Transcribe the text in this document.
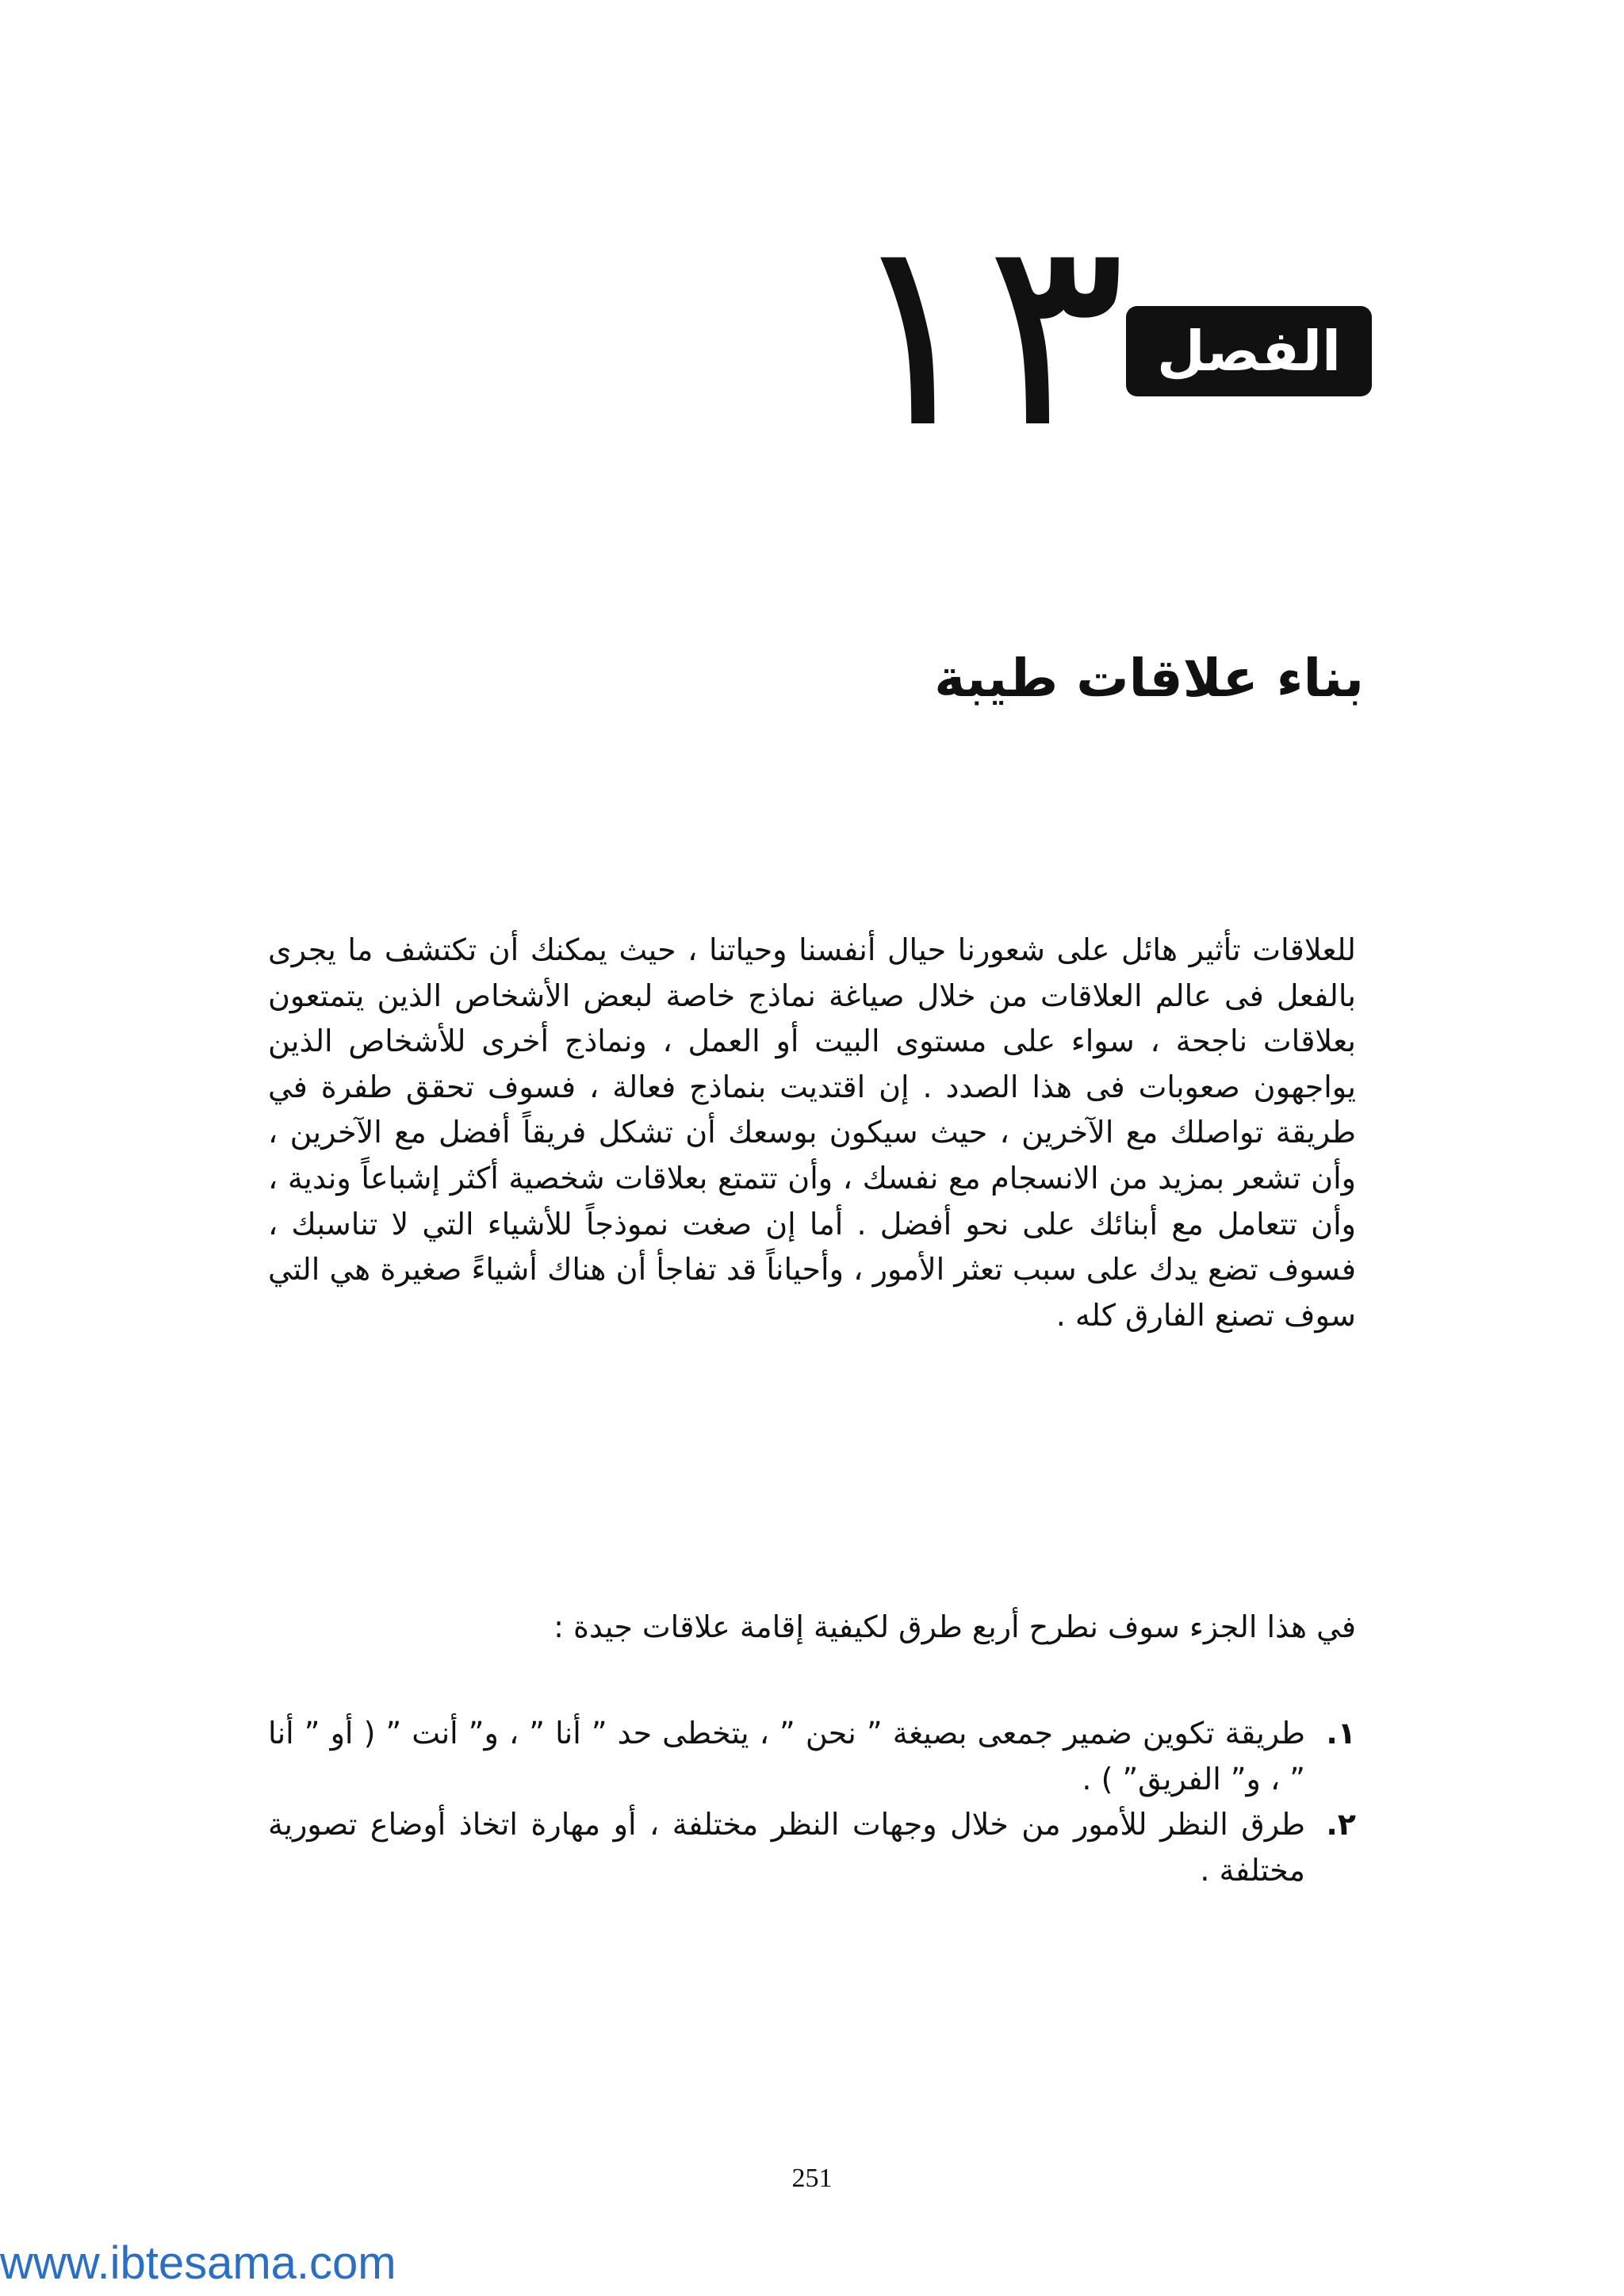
الفصل
١٣
بناء علاقات طيبة

للعلاقات تأثير هائل على شعورنا حيال أنفسنا وحياتنا ، حيث يمكنك أن تكتشف ما يجرى بالفعل فى عالم العلاقات من خلال صياغة نماذج خاصة لبعض الأشخاص الذين يتمتعون بعلاقات ناجحة ، سواء على مستوى البيت أو العمل ، ونماذج أخرى للأشخاص الذين يواجهون صعوبات فى هذا الصدد . إن اقتديت بنماذج فعالة ، فسوف تحقق طفرة في طريقة تواصلك مع الآخرين ، حيث سيكون بوسعك أن تشكل فريقاً أفضل مع الآخرين ، وأن تشعر بمزيد من الانسجام مع نفسك ، وأن تتمتع بعلاقات شخصية أكثر إشباعاً وندية ، وأن تتعامل مع أبنائك على نحو أفضل . أما إن صغت نموذجاً للأشياء التي لا تناسبك ، فسوف تضع يدك على سبب تعثر الأمور ، وأحياناً قد تفاجأ أن هناك أشياءً صغيرة هي التي سوف تصنع الفارق كله .

في هذا الجزء سوف نطرح أربع طرق لكيفية إقامة علاقات جيدة :

١.
طريقة تكوين ضمير جمعى بصيغة ” نحن ” ، يتخطى حد ” أنا ” ، و” أنت ” ( أو ” أنا ” ، و” الفريق” ) .
٢.
طرق النظر للأمور من خلال وجهات النظر مختلفة ، أو مهارة اتخاذ أوضاع تصورية مختلفة .
251
www.ibtesama.com
